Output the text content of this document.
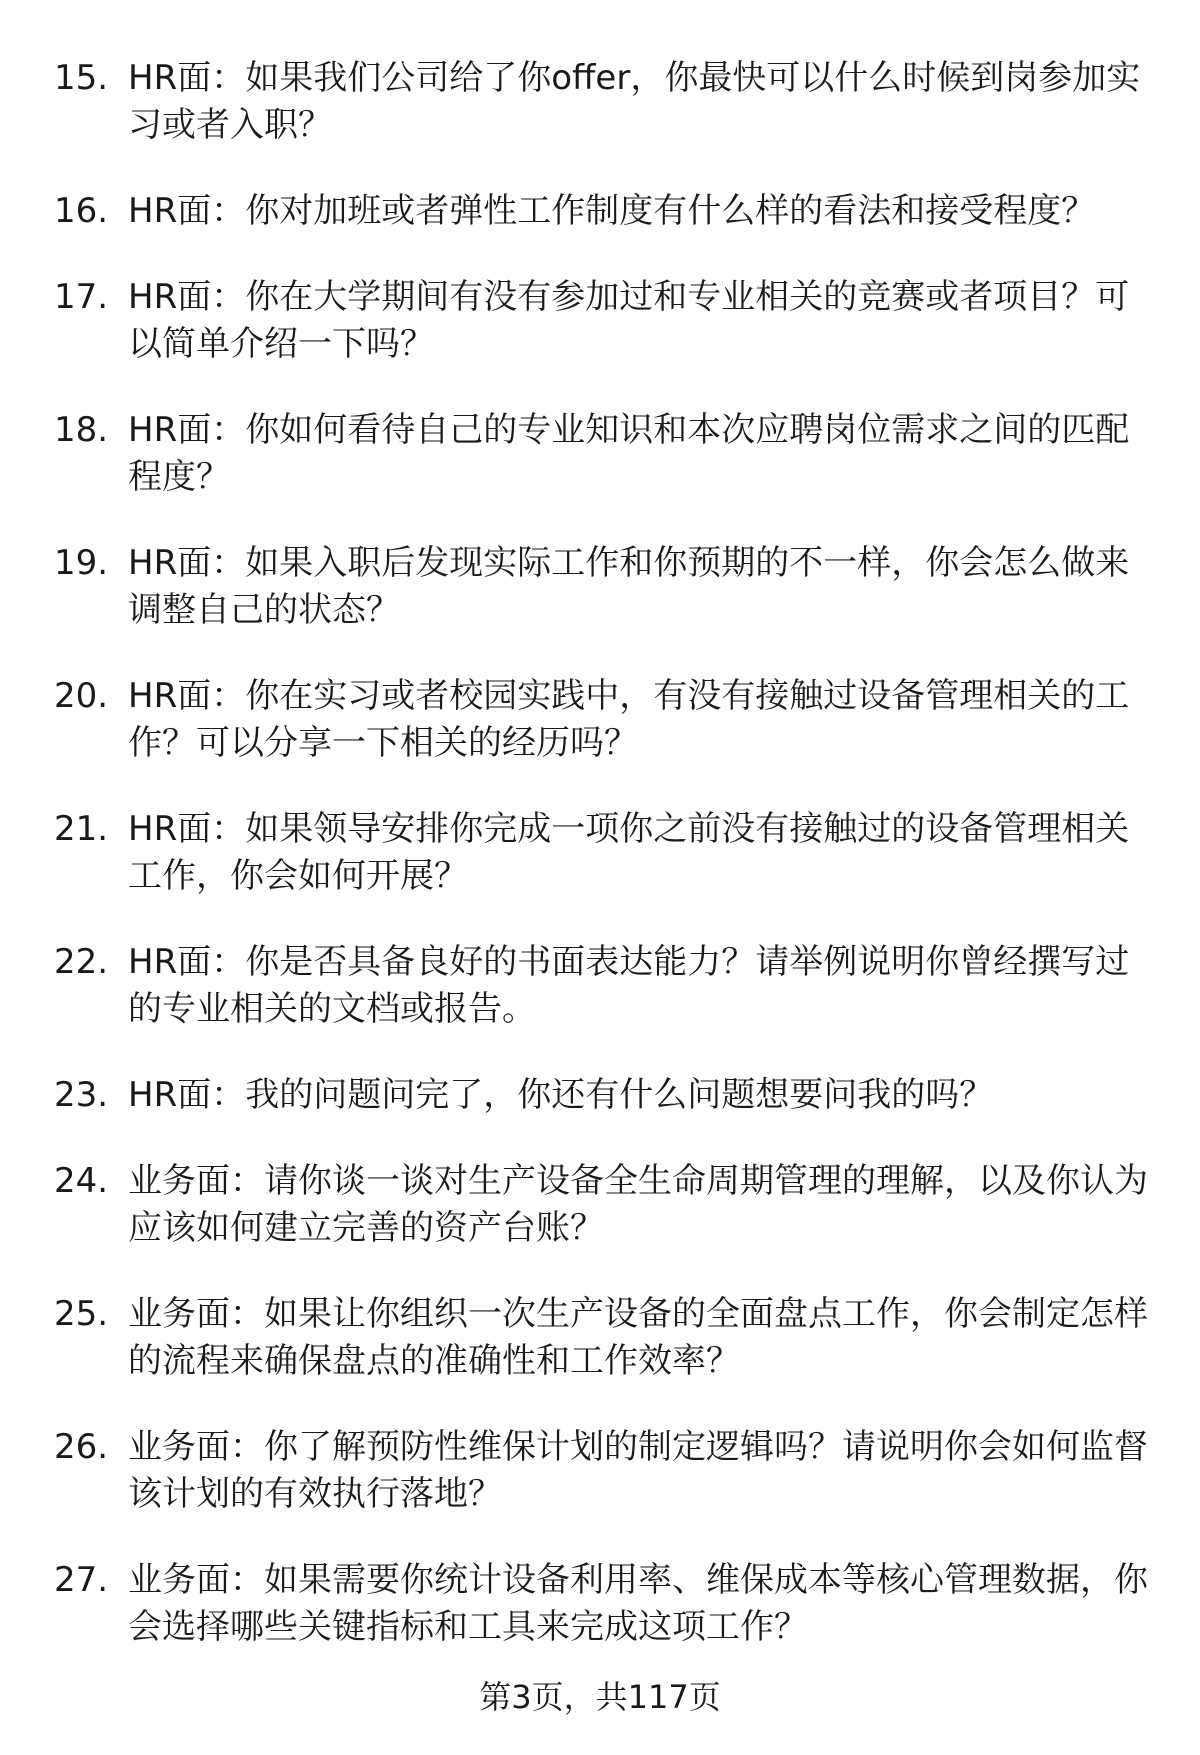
15. HR面：如果我们公司给了你offer，你最快可以什么时候到岗参加实习或者入职？
16. HR面：你对加班或者弹性工作制度有什么样的看法和接受程度？
17. HR面：你在大学期间有没有参加过和专业相关的竞赛或者项目？可以简单介绍一下吗？
18. HR面：你如何看待自己的专业知识和本次应聘岗位需求之间的匹配程度？
19. HR面：如果入职后发现实际工作和你预期的不一样，你会怎么做来调整自己的状态？
20. HR面：你在实习或者校园实践中，有没有接触过设备管理相关的工作？可以分享一下相关的经历吗？
21. HR面：如果领导安排你完成一项你之前没有接触过的设备管理相关工作，你会如何开展？
22. HR面：你是否具备良好的书面表达能力？请举例说明你曾经撰写过的专业相关的文档或报告。
23. HR面：我的问题问完了，你还有什么问题想要问我的吗？
24. 业务面：请你谈一谈对生产设备全生命周期管理的理解，以及你认为应该如何建立完善的资产台账？
25. 业务面：如果让你组织一次生产设备的全面盘点工作，你会制定怎样的流程来确保盘点的准确性和工作效率？
26. 业务面：你了解预防性维保计划的制定逻辑吗？请说明你会如何监督该计划的有效执行落地？
27. 业务面：如果需要你统计设备利用率、维保成本等核心管理数据，你会选择哪些关键指标和工具来完成这项工作？
第3页，共117页
